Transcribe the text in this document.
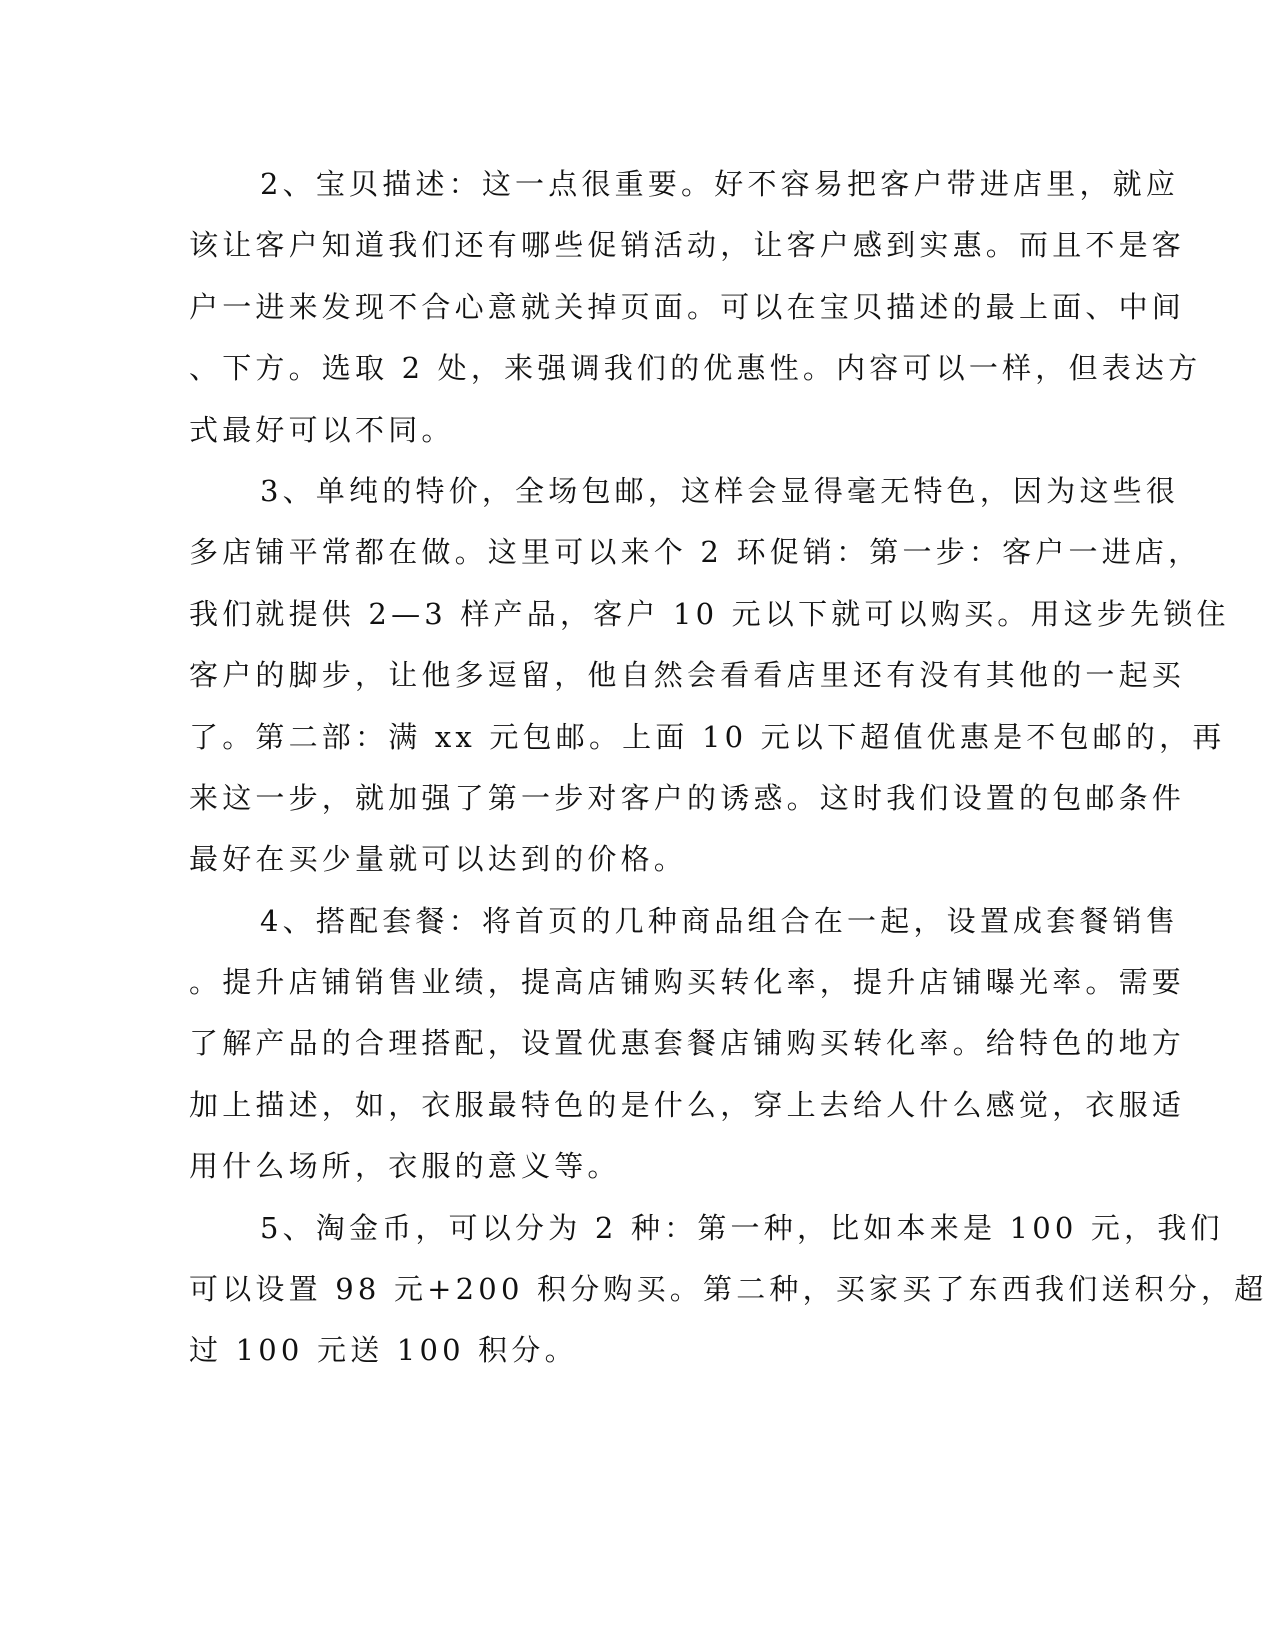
2、宝贝描述：这一点很重要。好不容易把客户带进店里，就应
该让客户知道我们还有哪些促销活动，让客户感到实惠。而且不是客
户一进来发现不合心意就关掉页面。可以在宝贝描述的最上面、中间
、下方。选取 2 处，来强调我们的优惠性。内容可以一样，但表达方
式最好可以不同。
3、单纯的特价，全场包邮，这样会显得毫无特色，因为这些很
多店铺平常都在做。这里可以来个 2 环促销：第一步：客户一进店，
我们就提供 2—3 样产品，客户 10 元以下就可以购买。用这步先锁住
客户的脚步，让他多逗留，他自然会看看店里还有没有其他的一起买
了。第二部：满 xx 元包邮。上面 10 元以下超值优惠是不包邮的，再
来这一步，就加强了第一步对客户的诱惑。这时我们设置的包邮条件
最好在买少量就可以达到的价格。
4、搭配套餐：将首页的几种商品组合在一起，设置成套餐销售
。提升店铺销售业绩，提高店铺购买转化率，提升店铺曝光率。需要
了解产品的合理搭配，设置优惠套餐店铺购买转化率。给特色的地方
加上描述，如，衣服最特色的是什么，穿上去给人什么感觉，衣服适
用什么场所，衣服的意义等。
5、淘金币，可以分为 2 种：第一种，比如本来是 100 元，我们
可以设置 98 元+200 积分购买。第二种，买家买了东西我们送积分，超
过 100 元送 100 积分。
